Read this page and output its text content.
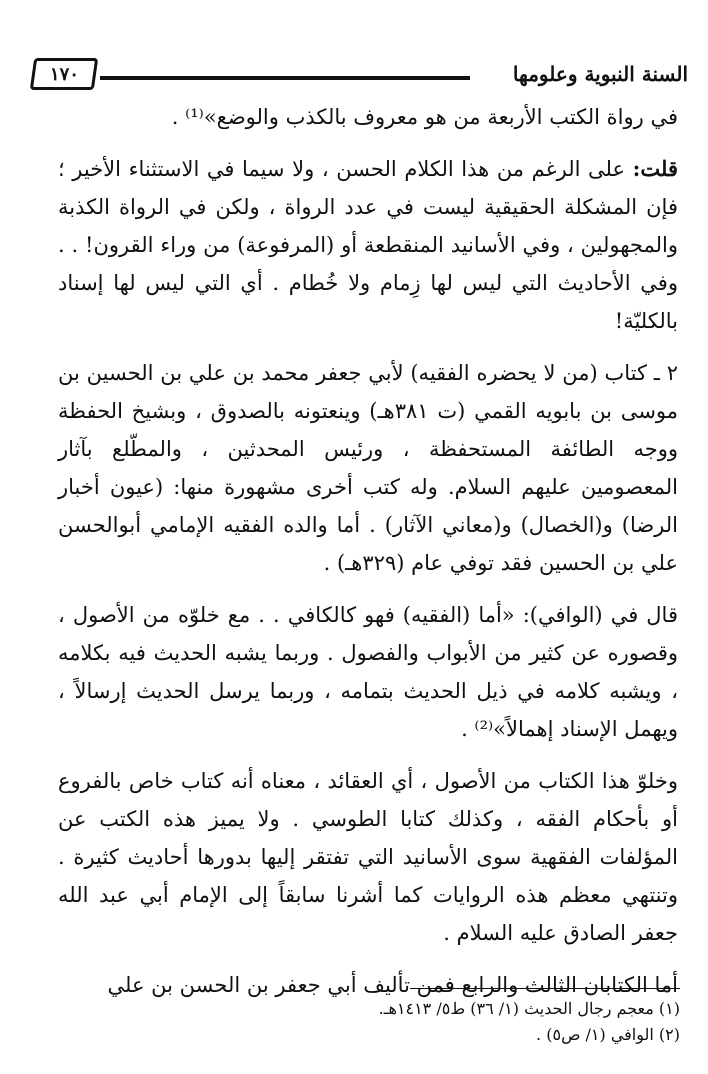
السنة النبوية وعلومها
١٧٠

في رواة الكتب الأربعة من هو معروف بالكذب والوضع»⁽¹⁾ .

قلت: على الرغم من هذا الكلام الحسن ، ولا سيما في الاستثناء الأخير ؛ فإن المشكلة الحقيقية ليست في عدد الرواة ، ولكن في الرواة الكذبة والمجهولين ، وفي الأسانيد المنقطعة أو (المرفوعة) من وراء القرون! . . وفي الأحاديث التي ليس لها زِمام ولا خُطام . أي التي ليس لها إسناد بالكليّة!

٢ ـ كتاب (من لا يحضره الفقيه) لأبي جعفر محمد بن علي بن الحسين بن موسى بن بابويه القمي (ت ٣٨١هـ) وينعتونه بالصدوق ، وبشيخ الحفظة ووجه الطائفة المستحفظة ، ورئيس المحدثين ، والمطّلع بآثار المعصومين عليهم السلام. وله كتب أخرى مشهورة منها: (عيون أخبار الرضا) و(الخصال) و(معاني الآثار) . أما والده الفقيه الإمامي أبوالحسن علي بن الحسين فقد توفي عام (٣٢٩هـ) .

قال في (الوافي): «أما (الفقيه) فهو كالكافي . . مع خلوّه من الأصول ، وقصوره عن كثير من الأبواب والفصول . وربما يشبه الحديث فيه بكلامه ، ويشبه كلامه في ذيل الحديث بتمامه ، وربما يرسل الحديث إرسالاً ، ويهمل الإسناد إهمالاً»⁽²⁾ .

وخلوّ هذا الكتاب من الأصول ، أي العقائد ، معناه أنه كتاب خاص بالفروع أو بأحكام الفقه ، وكذلك كتابا الطوسي . ولا يميز هذه الكتب عن المؤلفات الفقهية سوى الأسانيد التي تفتقر إليها بدورها أحاديث كثيرة . وتنتهي معظم هذه الروايات كما أشرنا سابقاً إلى الإمام أبي عبد الله جعفر الصادق عليه السلام .

أما الكتابان الثالث والرابع فمن تأليف أبي جعفر بن الحسن بن علي

(١) معجم رجال الحديث (١/ ٣٦) ط٥/ ١٤١٣هـ.
(٢) الوافي (١/ ص٥) .
